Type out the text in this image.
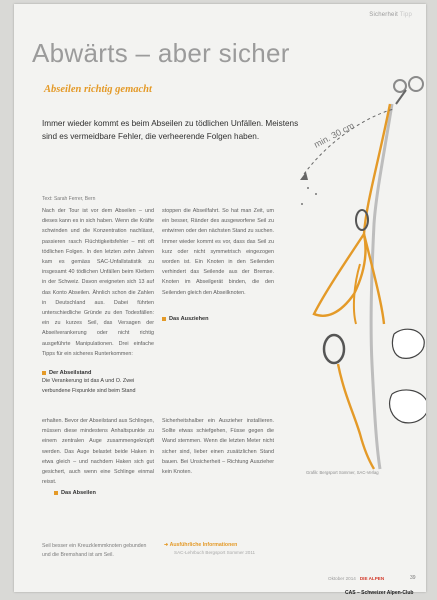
Sicherheit Tipp
Abwärts – aber sicher
Abseilen richtig gemacht
Immer wieder kommt es beim Abseilen zu tödlichen Unfällen. Meistens sind es vermeidbare Fehler, die verheerende Folgen haben.
Text: Sarah Ferrer, Bern

Nach der Tour ist vor dem Abseilen – und dieses kann es in sich haben. Wenn die Kräfte schwinden und die Konzentration nachlässt, passieren rasch Flüchtigkeitsfehler – mit oft tödlichen Folgen. In den letzten zehn Jahren kam es gemäss SAC-Unfallstatistik zu insgesamt 40 tödlichen Unfällen beim Klettern in der Schweiz. Davon ereigneten sich 13 auf das Konto Abseilen. Ähnlich schon die Zahlen in Deutschland aus. Dabei führten unterschiedliche Gründe zu den Todesfällen: ein zu kurzes Seil, das Versagen der Abseilverankerung oder nicht richtig ausgeführte Manipulationen. Drei einfache Tipps für ein sicheres Runterkommen:

Der Abseilstand
Die Verankerung ist das A und O. Zwei verbundene Fixpunkte sind beim Stand

erhalten. Bevor der Abseilstand aus Schlingen, müssen diese mindestens Anhaltspunkte zu einem zentralen Auge zusammengeknüpft werden. Das Auge belastet beide Haken in etwa gleich – und nachdem Haken sich gut gesichert, auch wenn eine Schlinge einmal reisst.

Das Abseilen

stoppen die Abseilfahrt. So hat man Zeit, um ein besser, Ränder des ausgeworfene Seil zu entwirren oder den nächsten Stand zu suchen. Immer wieder kommt es vor, dass das Seil zu kurz oder nicht symmetrisch eingezogen worden ist. Ein Knoten in den Seilenden verhindert das Seilende aus der Bremse. Knoten im Abseilgerät binden, die den Seilenden gleich den Abseilknoten.

Das Ausziehen

Sicherheitshalber ein Auszieher installieren. Sollte etwas schiefgehen, Füsse gegen die Wand stemmen. Wenn die letzten Meter nicht sicher sind, lieber einen zusätzlichen Stand bauen. Bei Unsicherheit – Richtung Auszieher kein Knoten.

Seil besser ein Kreuzklemmknoten gebunden und die Bremshand ist am Seil.
➜ Ausführliche Informationen
SAC-Lehrbuch Bergsport Sommer 2011
min. 30 cm
Grafik: Bergsport Sommer, SAC-Verlag
Oktober 2014 DIE ALPEN	39
CAS – Schweizer Alpen-Club
